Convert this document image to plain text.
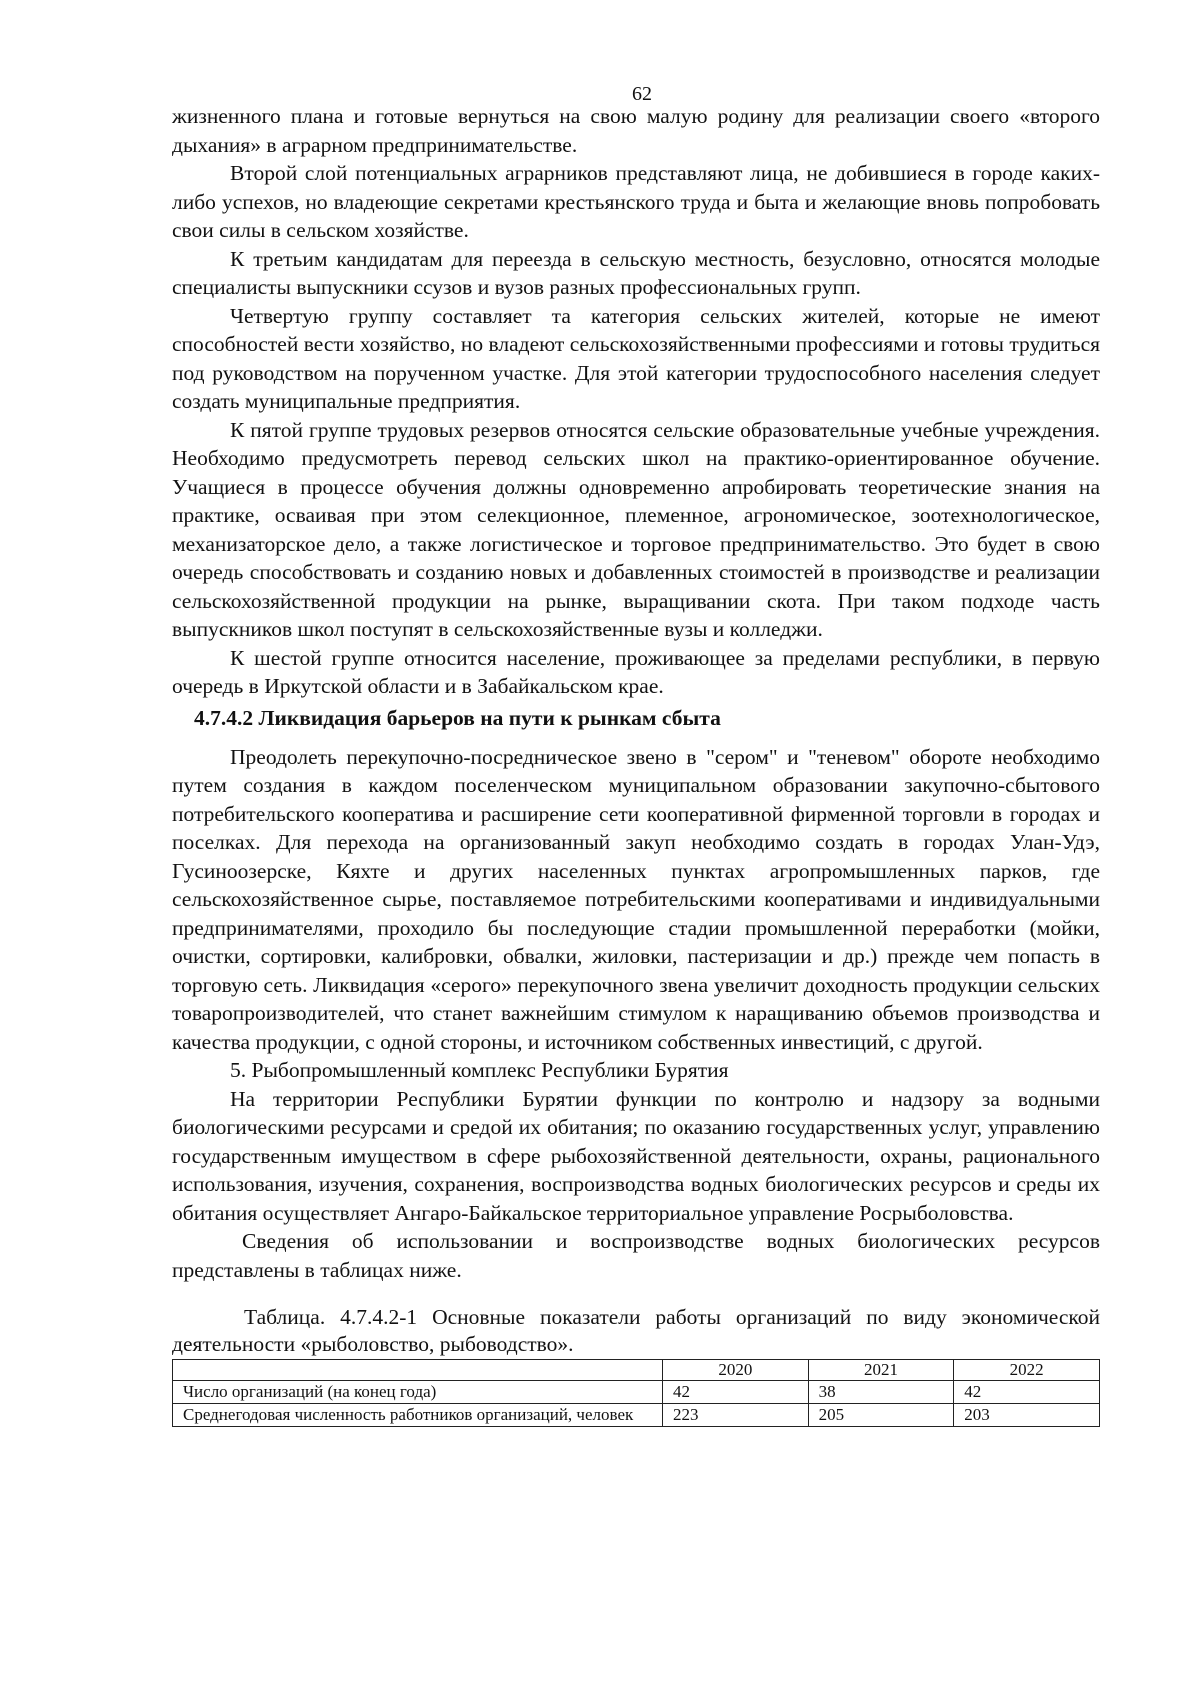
62

жизненного плана и готовые вернуться на свою малую родину для реализации своего «второго дыхания» в аграрном предпринимательстве.

Второй слой потенциальных аграрников представляют лица, не добившиеся в городе каких-либо успехов, но владеющие секретами крестьянского труда и быта и желающие вновь попробовать свои силы в сельском хозяйстве.

К третьим кандидатам для переезда в сельскую местность, безусловно, относятся молодые специалисты выпускники ссузов и вузов разных профессиональных групп.

Четвертую группу составляет та категория сельских жителей, которые не имеют способностей вести хозяйство, но владеют сельскохозяйственными профессиями и готовы трудиться под руководством на порученном участке. Для этой категории трудоспособного населения следует создать муниципальные предприятия.

К пятой группе трудовых резервов относятся сельские образовательные учебные учреждения. Необходимо предусмотреть перевод сельских школ на практико-ориентированное обучение. Учащиеся в процессе обучения должны одновременно апробировать теоретические знания на практике, осваивая при этом селекционное, племенное, агрономическое, зоотехнологическое, механизаторское дело, а также логистическое и торговое предпринимательство. Это будет в свою очередь способствовать и созданию новых и добавленных стоимостей в производстве и реализации сельскохозяйственной продукции на рынке, выращивании скота. При таком подходе часть выпускников школ поступят в сельскохозяйственные вузы и колледжи.

К шестой группе относится население, проживающее за пределами республики, в первую очередь в Иркутской области и в Забайкальском крае.

4.7.4.2 Ликвидация барьеров на пути к рынкам сбыта

Преодолеть перекупочно-посредническое звено в "сером" и "теневом" обороте необходимо путем создания в каждом поселенческом муниципальном образовании закупочно-сбытового потребительского кооператива и расширение сети кооперативной фирменной торговли в городах и поселках. Для перехода на организованный закуп необходимо создать в городах Улан-Удэ, Гусиноозерске, Кяхте и других населенных пунктах агропромышленных парков, где сельскохозяйственное сырье, поставляемое потребительскими кооперативами и индивидуальными предпринимателями, проходило бы последующие стадии промышленной переработки (мойки, очистки, сортировки, калибровки, обвалки, жиловки, пастеризации и др.) прежде чем попасть в торговую сеть. Ликвидация «серого» перекупочного звена увеличит доходность продукции сельских товаропроизводителей, что станет важнейшим стимулом к наращиванию объемов производства и качества продукции, с одной стороны, и источником собственных инвестиций, с другой.

5. Рыбопромышленный комплекс Республики Бурятия

На территории Республики Бурятии функции по контролю и надзору за водными биологическими ресурсами и средой их обитания; по оказанию государственных услуг, управлению государственным имуществом в сфере рыбохозяйственной деятельности, охраны, рационального использования, изучения, сохранения, воспроизводства водных биологических ресурсов и среды их обитания осуществляет Ангаро-Байкальское территориальное управление Росрыболовства.

Сведения об использовании и воспроизводстве водных биологических ресурсов представлены в таблицах ниже.

Таблица. 4.7.4.2-1 Основные показатели работы организаций по виду экономической деятельности «рыболовство, рыбоводство».

	2020	2021	2022
Число организаций (на конец года)	42	38	42
Среднегодовая численность работников организаций, человек	223	205	203
